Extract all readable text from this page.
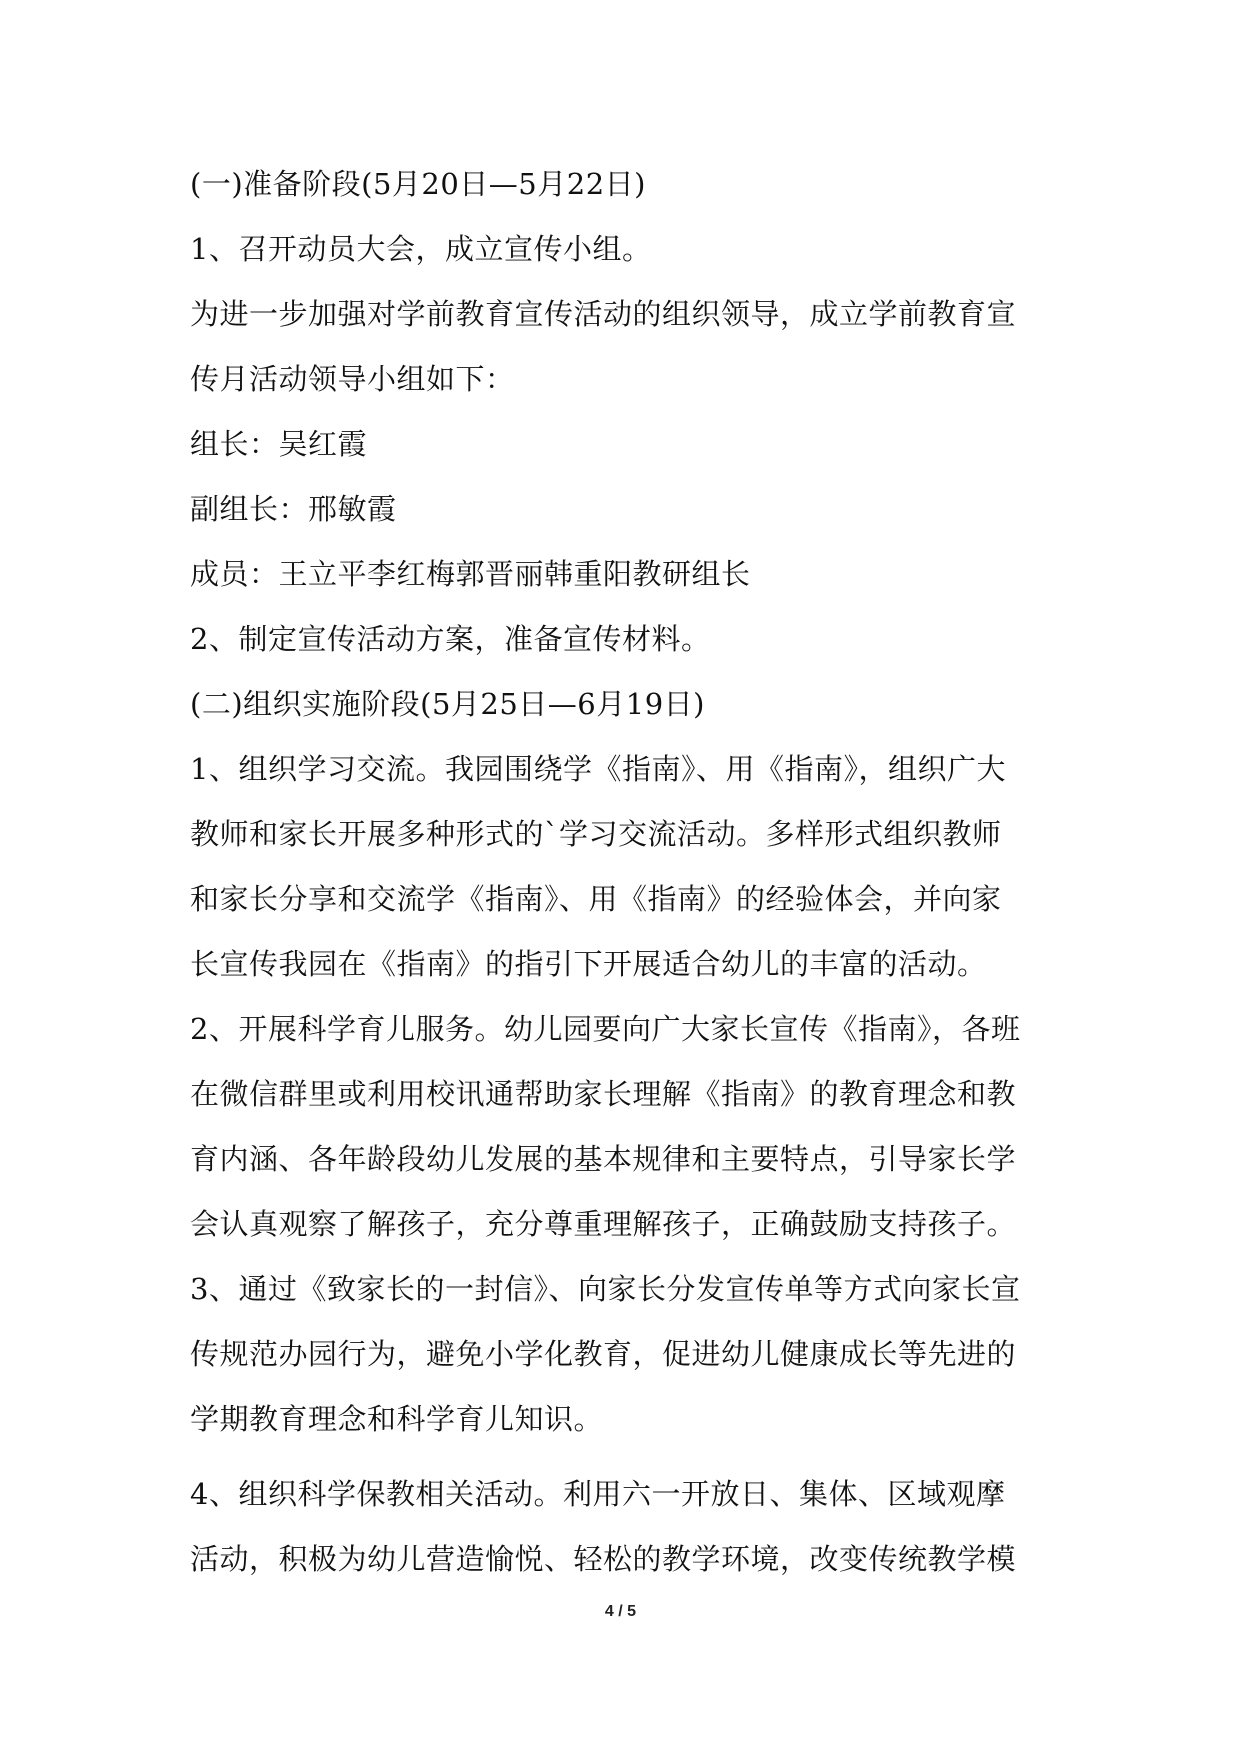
(一)准备阶段(5月20日—5月22日)
1、召开动员大会，成立宣传小组。
为进一步加强对学前教育宣传活动的组织领导，成立学前教育宣
传月活动领导小组如下：
组长：吴红霞
副组长：邢敏霞
成员：王立平李红梅郭晋丽韩重阳教研组长
2、制定宣传活动方案，准备宣传材料。
(二)组织实施阶段(5月25日—6月19日)
1、组织学习交流。我园围绕学《指南》、用《指南》，组织广大
教师和家长开展多种形式的`学习交流活动。多样形式组织教师
和家长分享和交流学《指南》、用《指南》的经验体会，并向家
长宣传我园在《指南》的指引下开展适合幼儿的丰富的活动。
2、开展科学育儿服务。幼儿园要向广大家长宣传《指南》，各班
在微信群里或利用校讯通帮助家长理解《指南》的教育理念和教
育内涵、各年龄段幼儿发展的基本规律和主要特点，引导家长学
会认真观察了解孩子，充分尊重理解孩子，正确鼓励支持孩子。
3、通过《致家长的一封信》、向家长分发宣传单等方式向家长宣
传规范办园行为，避免小学化教育，促进幼儿健康成长等先进的
学期教育理念和科学育儿知识。
4、组织科学保教相关活动。利用六一开放日、集体、区域观摩
活动，积极为幼儿营造愉悦、轻松的教学环境，改变传统教学模
4 / 5
